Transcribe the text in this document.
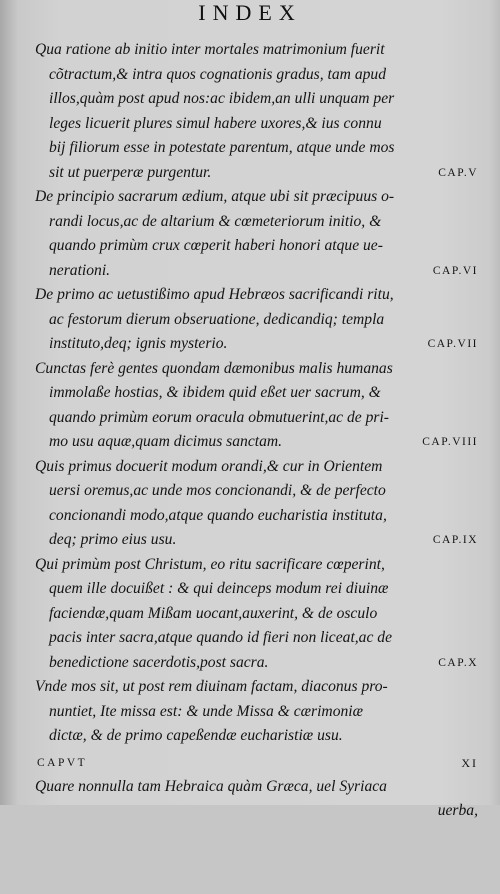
INDEX
Qua ratione ab initio inter mortales matrimonium fuerit
cõtractum,& intra quos cognationis gradus, tam apud
illos,quàm post apud nos:ac ibidem,an ulli unquam per
leges licuerit plures simul habere uxores,& ius connu
bij filiorum esse in potestate parentum, atque unde mos
sit ut puerperæ purgentur.	CAP.V
De principio sacrarum ædium, atque ubi sit præcipuus o-
randi locus,ac de altarium & cœmeteriorum initio, &
quando primùm crux cœperit haberi honori atque ue-
nerationi.	CAP.VI
De primo ac uetustißimo apud Hebræos sacrificandi ritu,
ac festorum dierum obseruatione, dedicandiq; templa
instituto,deq; ignis mysterio.	CAP.VII
Cunctas ferè gentes quondam dæmonibus malis humanas
immolaße hostias, & ibidem quid eßet uer sacrum, &
quando primùm eorum oracula obmutuerint,ac de pri-
mo usu aquæ,quam dicimus sanctam.	CAP.VIII
Quis primus docuerit modum orandi,& cur in Orientem
uersi oremus,ac unde mos concionandi, & de perfecto
concionandi modo,atque quando eucharistia instituta,
deq; primo eius usu.	CAP.IX
Qui primùm post Christum, eo ritu sacrificare cœperint,
quem ille docuißet : & qui deinceps modum rei diuinæ
faciendæ,quam Mißam uocant,auxerint, & de osculo
pacis inter sacra,atque quando id fieri non liceat,ac de
benedictione sacerdotis,post sacra.	CAP.X
Vnde mos sit, ut post rem diuinam factam, diaconus pro-
nuntiet, Ite missa est: & unde Missa & cærimoniæ
dictæ, & de primo capeßendæ eucharistiæ usu.
CAPVT	XI
Quare nonnulla tam Hebraica quàm Græca, uel Syriaca
uerba,
